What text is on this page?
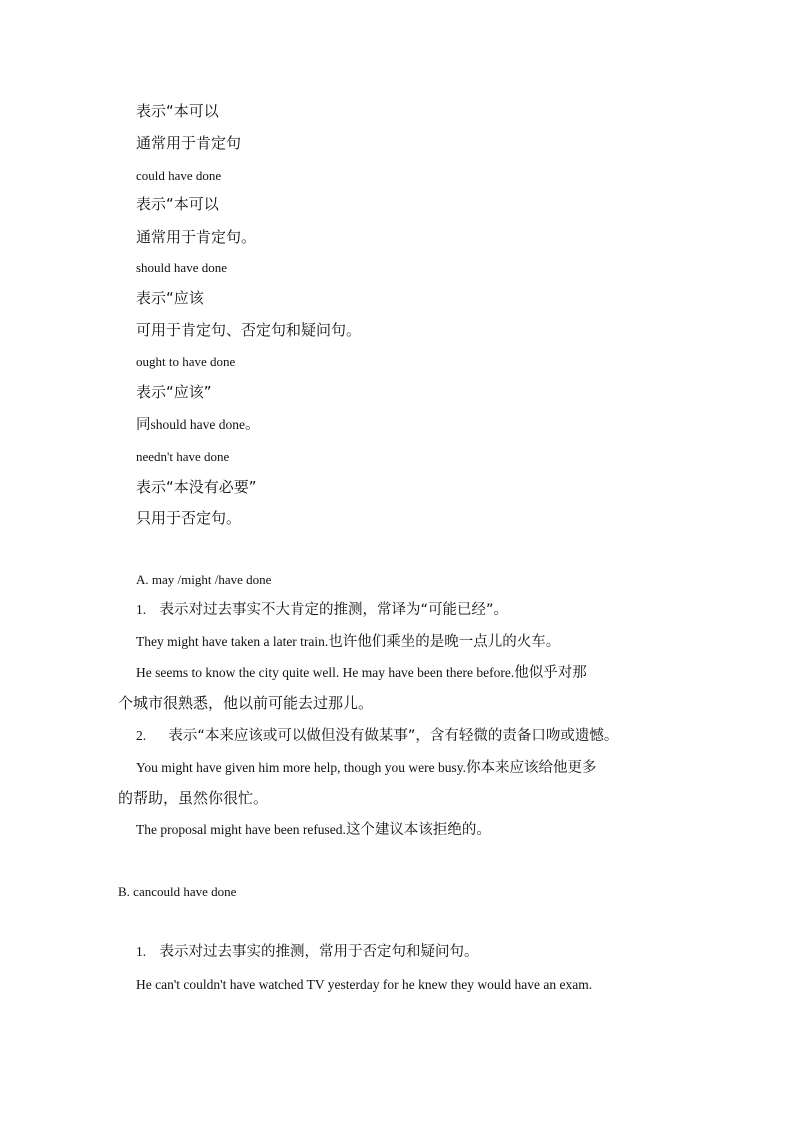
表示“本可以
通常用于肯定句
could have done
表示“本可以
通常用于肯定句。
should have done
表示“应该
可用于肯定句、否定句和疑问句。
ought to have done
表示“应该”
同should have done。
needn't have done
表示“本没有必要”
只用于否定句。
A. may /might /have done
1. 表示对过去事实不大肯定的推测，常译为“可能已经”。
They might have taken a later train.也许他们乘坐的是晚一点儿的火车。
He seems to know the city quite well. He may have been there before.他似乎对那
个城市很熟悉，他以前可能去过那儿。
2. 表示“本来应该或可以做但没有做某事”，含有轻微的责备口吻或遗憾。
You might have given him more help, though you were busy.你本来应该给他更多
的帮助，虽然你很忙。
The proposal might have been refused.这个建议本该拒绝的。
B. cancould have done
1. 表示对过去事实的推测，常用于否定句和疑问句。
He can't couldn't have watched TV yesterday for he knew they would have an exam.
